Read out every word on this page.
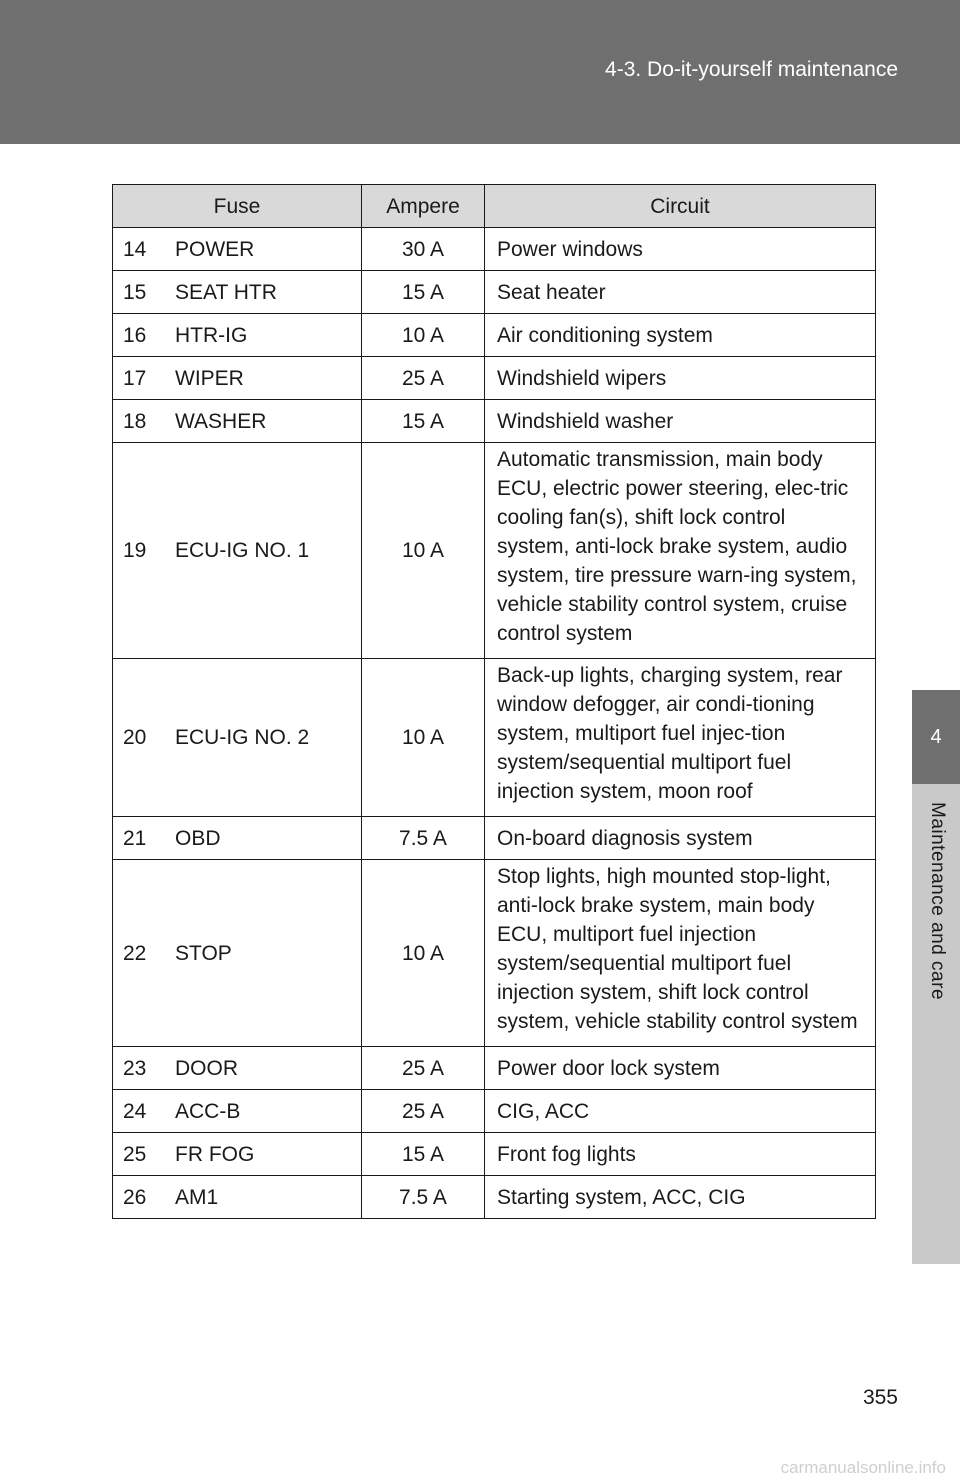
4-3. Do-it-yourself maintenance
4
Maintenance and care
Fuse		Ampere	Circuit
14	POWER	30 A	Power windows
15	SEAT HTR	15 A	Seat heater
16	HTR-IG	10 A	Air conditioning system
17	WIPER	25 A	Windshield wipers
18	WASHER	15 A	Windshield washer
19	ECU-IG NO. 1	10 A	Automatic transmission, main body ECU, electric power steering, elec-tric cooling fan(s), shift lock control system, anti-lock brake system, audio system, tire pressure warn-ing system, vehicle stability control system, cruise control system
20	ECU-IG NO. 2	10 A	Back-up lights, charging system, rear window defogger, air condi-tioning system, multiport fuel injec-tion system/sequential multiport fuel injection system, moon roof
21	OBD	7.5 A	On-board diagnosis system
22	STOP	10 A	Stop lights, high mounted stop-light, anti-lock brake system, main body ECU, multiport fuel injection system/sequential multiport fuel injection system, shift lock control system, vehicle stability control system
23	DOOR	25 A	Power door lock system
24	ACC-B	25 A	CIG, ACC
25	FR FOG	15 A	Front fog lights
26	AM1	7.5 A	Starting system, ACC, CIG
355
carmanualsonline.info
